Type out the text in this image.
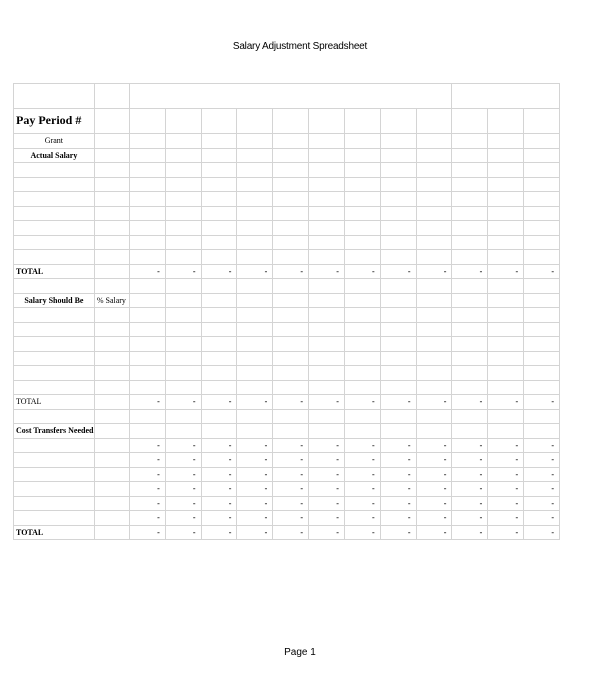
Salary Adjustment Spreadsheet

Pay Period #													
Grant													
Actual Salary													

TOTAL		-	-	-	-	-	-	-	-	-	-	-	-

Salary Should Be	% Salary												

TOTAL		-	-	-	-	-	-	-	-	-	-	-	-

Cost Transfers Needed													
		-	-	-	-	-	-	-	-	-	-	-	-
		-	-	-	-	-	-	-	-	-	-	-	-
		-	-	-	-	-	-	-	-	-	-	-	-
		-	-	-	-	-	-	-	-	-	-	-	-
		-	-	-	-	-	-	-	-	-	-	-	-
		-	-	-	-	-	-	-	-	-	-	-	-
TOTAL		-	-	-	-	-	-	-	-	-	-	-	-
Page 1
